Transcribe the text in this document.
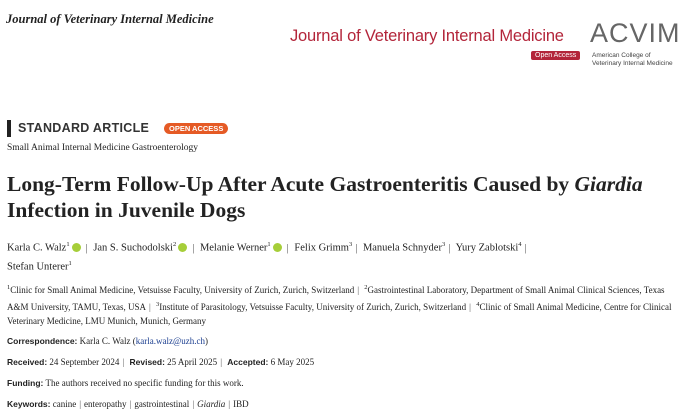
Journal of Veterinary Internal Medicine
Journal of Veterinary Internal Medicine
Open Access
ACVIM
American College of
Veterinary Internal Medicine
STANDARD ARTICLE	OPEN ACCESS
Small Animal Internal Medicine Gastroenterology
Long-Term Follow-Up After Acute Gastroenteritis Caused by Giardia Infection in Juvenile Dogs
Karla C. Walz$^1$ | Jan S. Suchodolski$^2$ | Melanie Werner$^1$ | Felix Grimm$^3$ | Manuela Schnyder$^3$ | Yury Zablotski$^4$ |
Stefan Unterer$^1$
$^1$Clinic for Small Animal Medicine, Vetsuisse Faculty, University of Zurich, Zurich, Switzerland | $^2$Gastrointestinal Laboratory, Department of Small Animal Clinical Sciences, Texas A&M University, TAMU, Texas, USA | $^3$Institute of Parasitology, Vetsuisse Faculty, University of Zurich, Zurich, Switzerland | $^4$Clinic of Small Animal Medicine, Centre for Clinical Veterinary Medicine, LMU Munich, Munich, Germany
Correspondence: Karla C. Walz (karla.walz@uzh.ch)
Received: 24 September 2024 | Revised: 25 April 2025 | Accepted: 6 May 2025
Funding: The authors received no specific funding for this work.
Keywords: canine | enteropathy | gastrointestinal | Giardia | IBD
